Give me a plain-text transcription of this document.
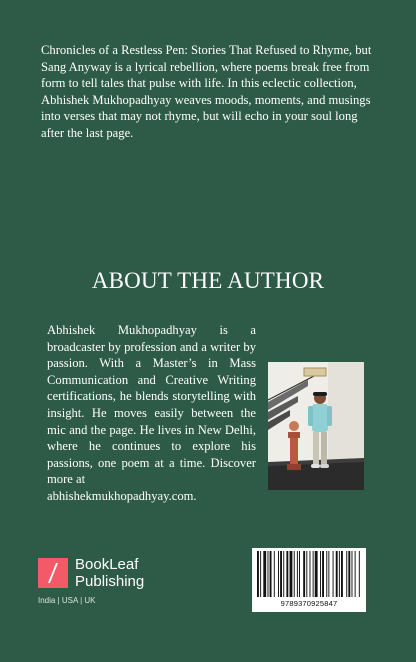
Chronicles of a Restless Pen: Stories That Refused to Rhyme, but Sang Anyway is a lyrical rebellion, where poems break free from form to tell tales that pulse with life. In this eclectic collection, Abhishek Mukhopadhyay weaves moods, moments, and musings into verses that may not rhyme, but will echo in your soul long after the last page.

ABOUT THE AUTHOR

Abhishek Mukhopadhyay is a broadcaster by profession and a writer by passion. With a Master’s in Mass Communication and Creative Writing certifications, he blends storytelling with insight. He moves easily between the mic and the page. He lives in New Delhi, where he continues to explore his passions, one poem at a time. Discover more at
abhishekmukhopadhyay.com.

BookLeaf
Publishing
India | USA | UK	9789370925847
